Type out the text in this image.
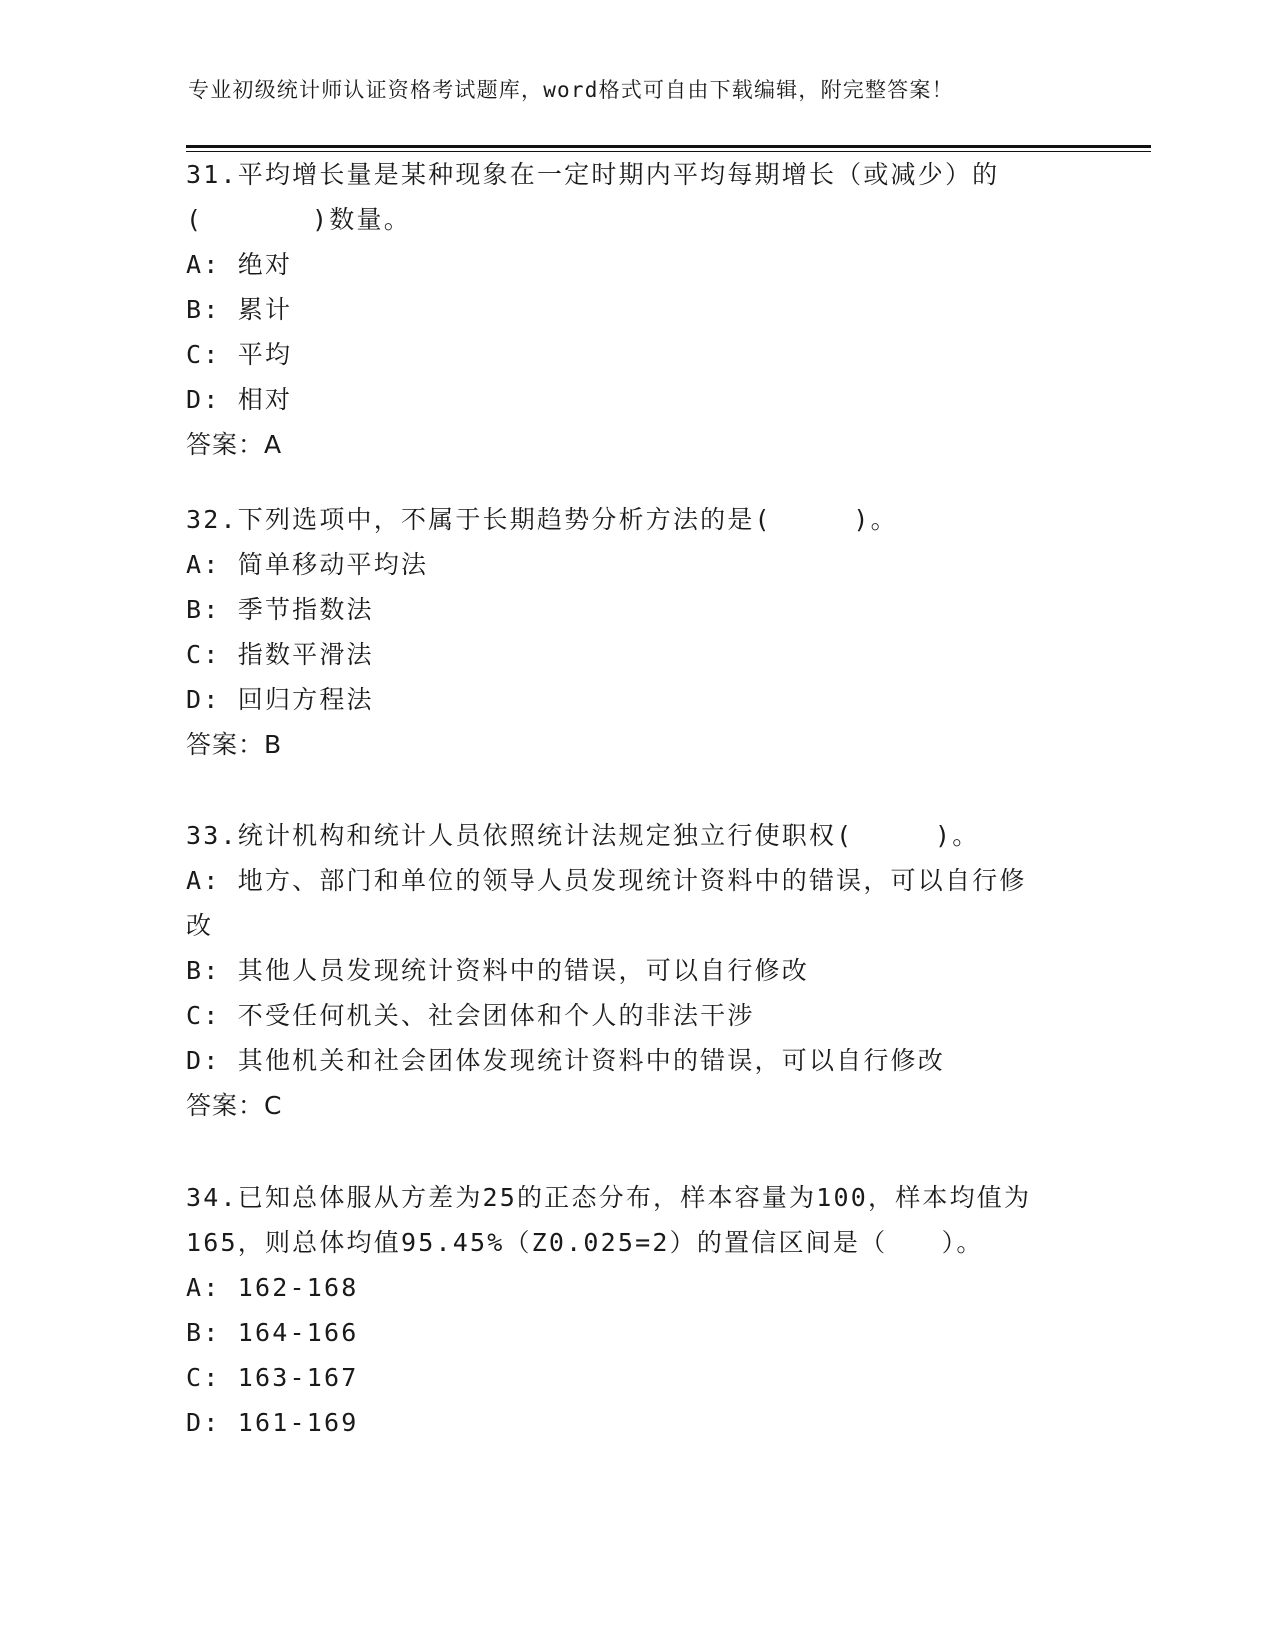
专业初级统计师认证资格考试题库，word格式可自由下载编辑，附完整答案！
31.平均增长量是某种现象在一定时期内平均每期增长（或减少）的
(　　　　)数量。
A: 绝对
B: 累计
C: 平均
D: 相对
答案：A
32.下列选项中，不属于长期趋势分析方法的是(　　　)。
A: 简单移动平均法
B: 季节指数法
C: 指数平滑法
D: 回归方程法
答案：B
33.统计机构和统计人员依照统计法规定独立行使职权(　　　)。
A: 地方、部门和单位的领导人员发现统计资料中的错误，可以自行修
改
B: 其他人员发现统计资料中的错误，可以自行修改
C: 不受任何机关、社会团体和个人的非法干涉
D: 其他机关和社会团体发现统计资料中的错误，可以自行修改
答案：C
34.已知总体服从方差为25的正态分布，样本容量为100，样本均值为
165，则总体均值95.45%（Z0.025=2）的置信区间是（　　）。
A: 162-168
B: 164-166
C: 163-167
D: 161-169
